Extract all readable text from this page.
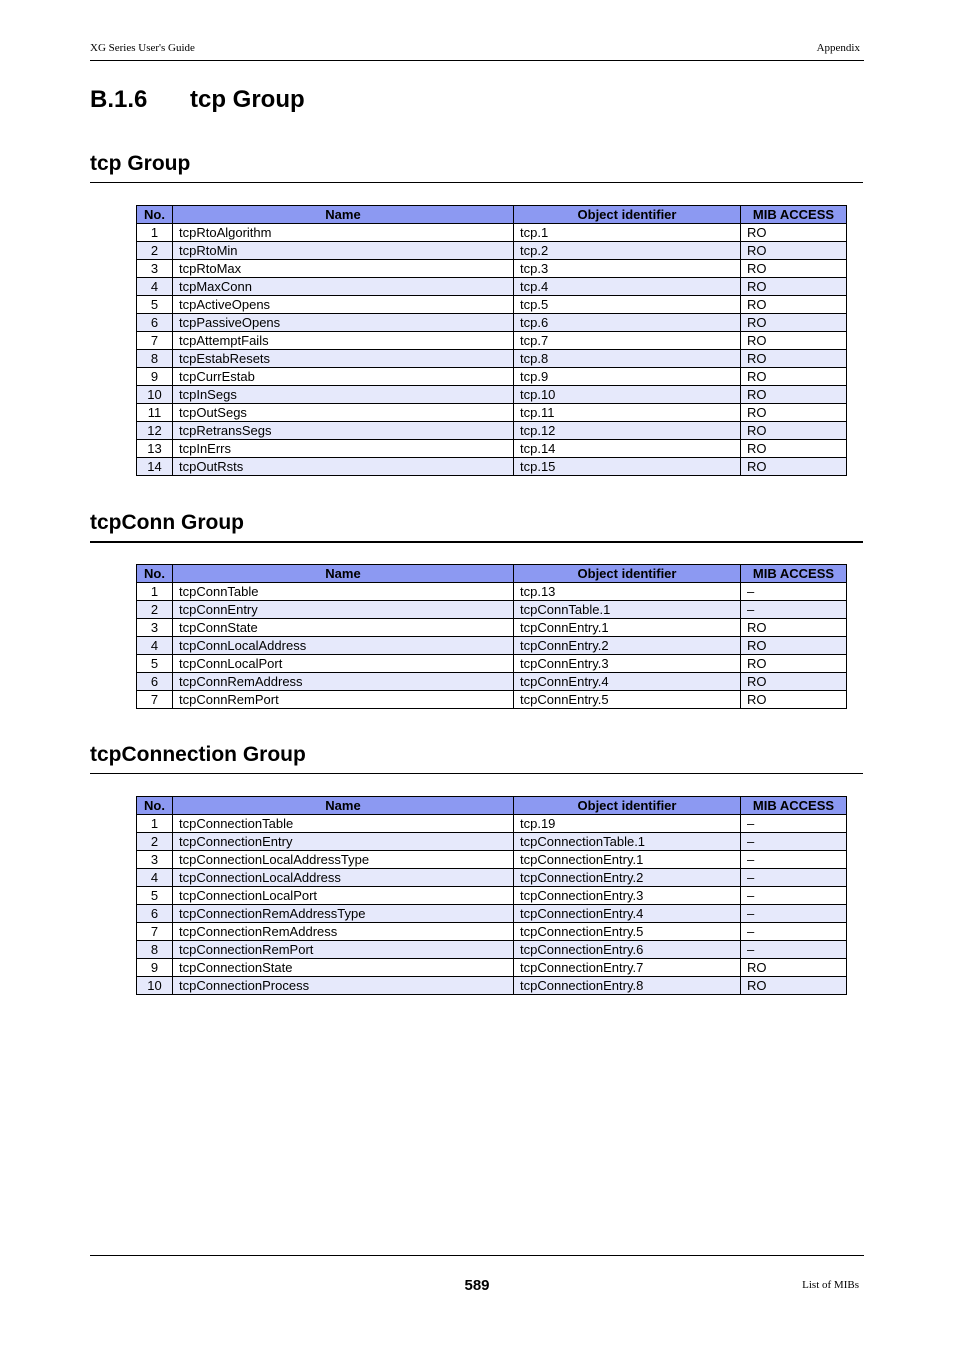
XG Series User's Guide	Appendix
B.1.6 tcp Group
tcp Group
No.	Name	Object identifier	MIB ACCESS
1	tcpRtoAlgorithm	tcp.1	RO
2	tcpRtoMin	tcp.2	RO
3	tcpRtoMax	tcp.3	RO
4	tcpMaxConn	tcp.4	RO
5	tcpActiveOpens	tcp.5	RO
6	tcpPassiveOpens	tcp.6	RO
7	tcpAttemptFails	tcp.7	RO
8	tcpEstabResets	tcp.8	RO
9	tcpCurrEstab	tcp.9	RO
10	tcpInSegs	tcp.10	RO
11	tcpOutSegs	tcp.11	RO
12	tcpRetransSegs	tcp.12	RO
13	tcpInErrs	tcp.14	RO
14	tcpOutRsts	tcp.15	RO
tcpConn Group
No.	Name	Object identifier	MIB ACCESS
1	tcpConnTable	tcp.13	–
2	tcpConnEntry	tcpConnTable.1	–
3	tcpConnState	tcpConnEntry.1	RO
4	tcpConnLocalAddress	tcpConnEntry.2	RO
5	tcpConnLocalPort	tcpConnEntry.3	RO
6	tcpConnRemAddress	tcpConnEntry.4	RO
7	tcpConnRemPort	tcpConnEntry.5	RO
tcpConnection Group
No.	Name	Object identifier	MIB ACCESS
1	tcpConnectionTable	tcp.19	–
2	tcpConnectionEntry	tcpConnectionTable.1	–
3	tcpConnectionLocalAddressType	tcpConnectionEntry.1	–
4	tcpConnectionLocalAddress	tcpConnectionEntry.2	–
5	tcpConnectionLocalPort	tcpConnectionEntry.3	–
6	tcpConnectionRemAddressType	tcpConnectionEntry.4	–
7	tcpConnectionRemAddress	tcpConnectionEntry.5	–
8	tcpConnectionRemPort	tcpConnectionEntry.6	–
9	tcpConnectionState	tcpConnectionEntry.7	RO
10	tcpConnectionProcess	tcpConnectionEntry.8	RO
589	List of MIBs
